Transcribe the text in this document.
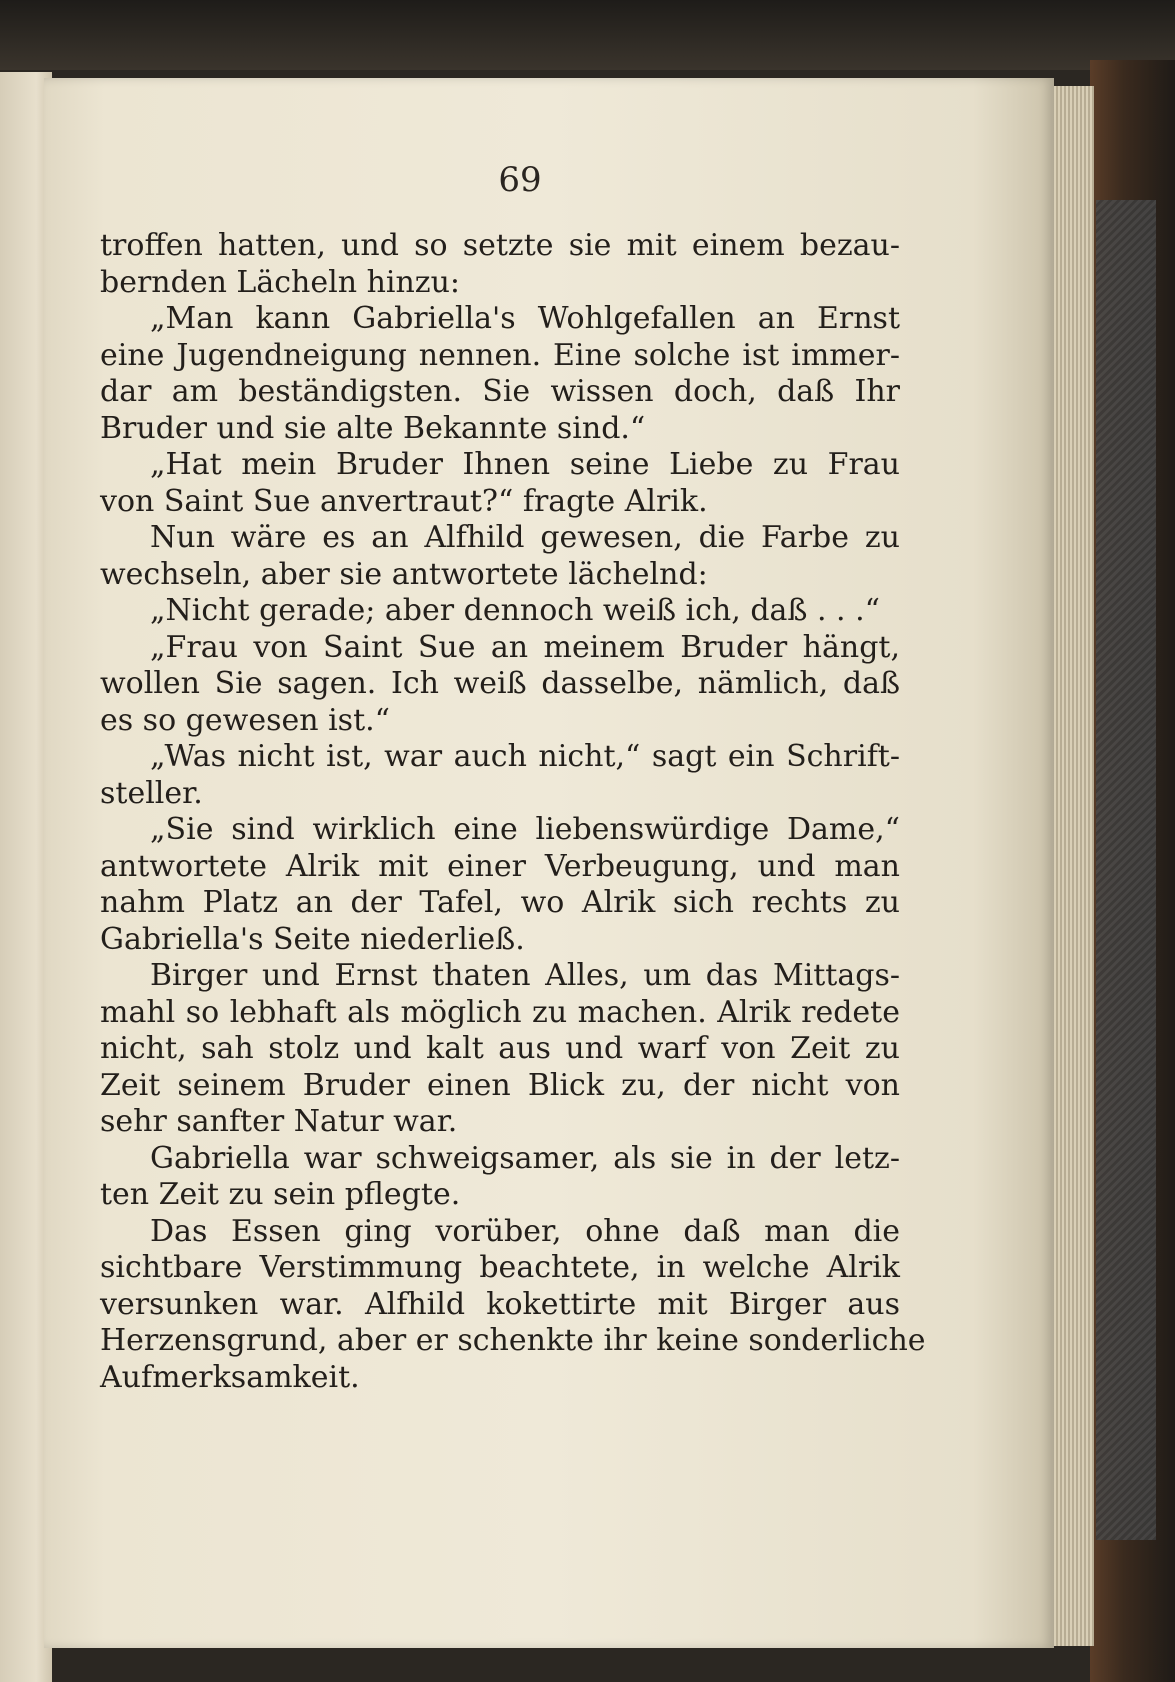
69
troffen hatten, und so setzte sie mit einem bezau-
bernden Lächeln hinzu:
„Man kann Gabriella's Wohlgefallen an Ernst
eine Jugendneigung nennen. Eine solche ist immer-
dar am beständigsten. Sie wissen doch, daß Ihr
Bruder und sie alte Bekannte sind.“
„Hat mein Bruder Ihnen seine Liebe zu Frau
von Saint Sue anvertraut?“ fragte Alrik.
Nun wäre es an Alfhild gewesen, die Farbe zu
wechseln, aber sie antwortete lächelnd:
„Nicht gerade; aber dennoch weiß ich, daß . . .“
„Frau von Saint Sue an meinem Bruder hängt,
wollen Sie sagen. Ich weiß dasselbe, nämlich, daß
es so gewesen ist.“
„Was nicht ist, war auch nicht,“ sagt ein Schrift-
steller.
„Sie sind wirklich eine liebenswürdige Dame,“
antwortete Alrik mit einer Verbeugung, und man
nahm Platz an der Tafel, wo Alrik sich rechts zu
Gabriella's Seite niederließ.
Birger und Ernst thaten Alles, um das Mittags-
mahl so lebhaft als möglich zu machen. Alrik redete
nicht, sah stolz und kalt aus und warf von Zeit zu
Zeit seinem Bruder einen Blick zu, der nicht von
sehr sanfter Natur war.
Gabriella war schweigsamer, als sie in der letz-
ten Zeit zu sein pflegte.
Das Essen ging vorüber, ohne daß man die
sichtbare Verstimmung beachtete, in welche Alrik
versunken war. Alfhild kokettirte mit Birger aus
Herzensgrund, aber er schenkte ihr keine sonderliche
Aufmerksamkeit.
